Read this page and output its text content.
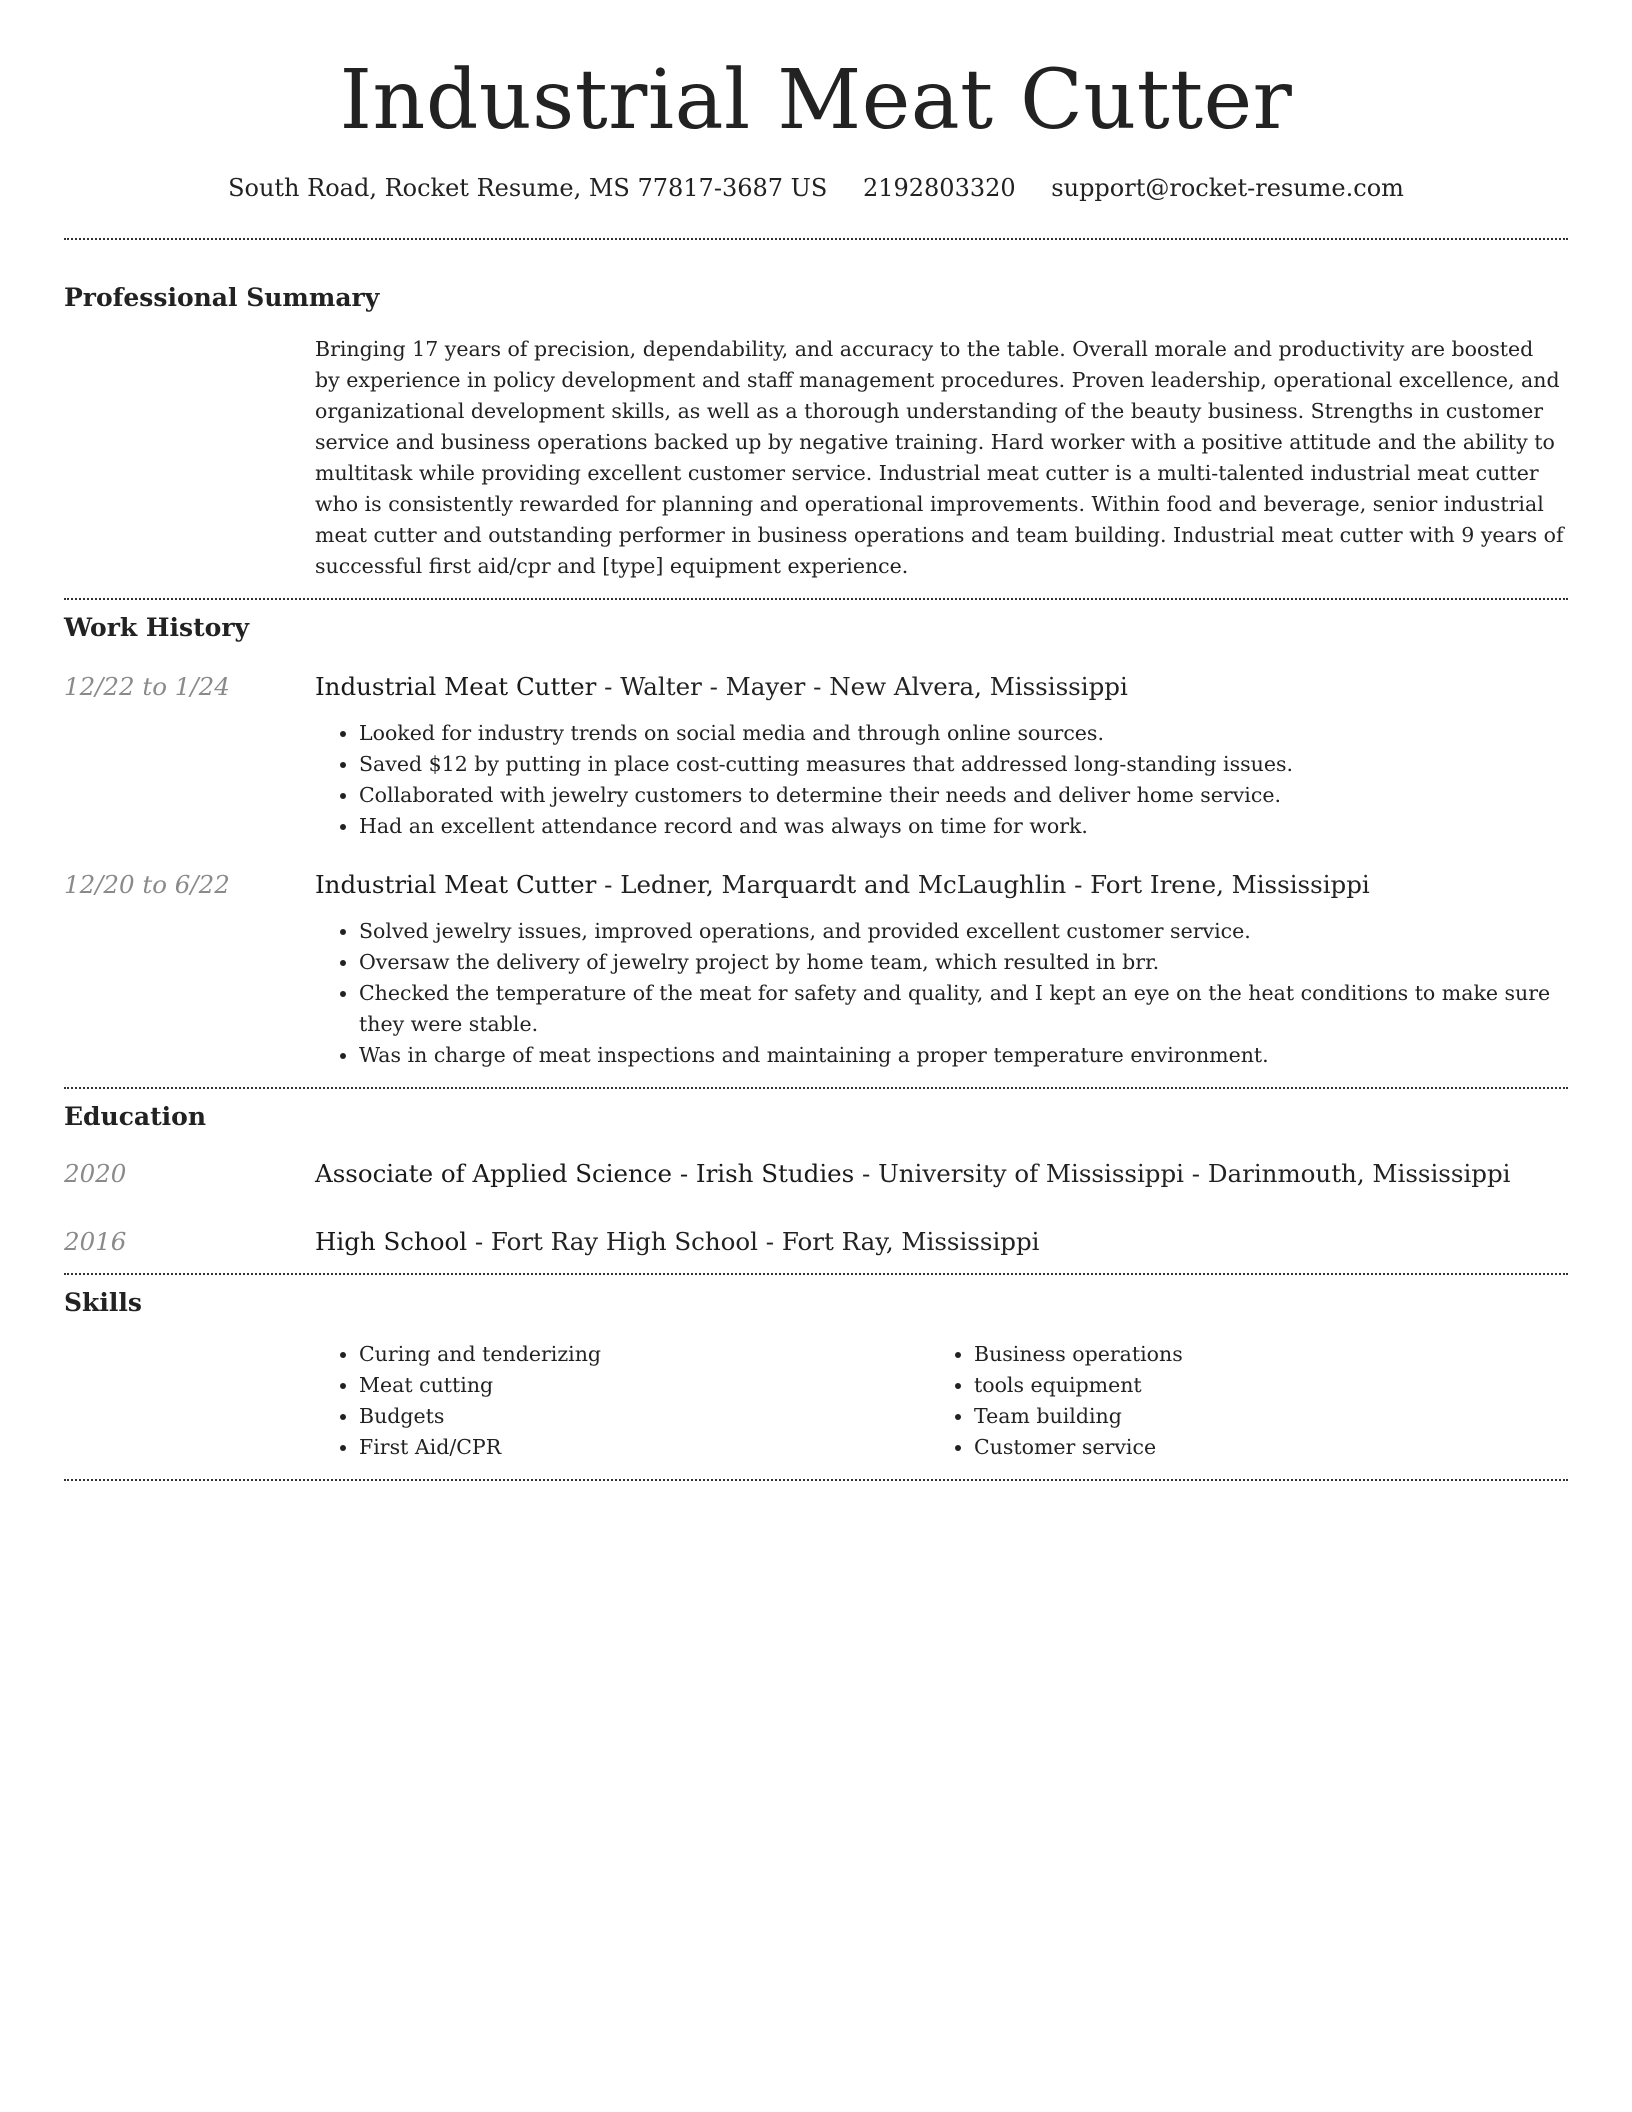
Industrial Meat Cutter
South Road, Rocket Resume, MS 77817-3687 US 2192803320 support@rocket-resume.com
Professional Summary

Bringing 17 years of precision, dependability, and accuracy to the table. Overall morale and productivity are boosted by experience in policy development and staff management procedures. Proven leadership, operational excellence, and organizational development skills, as well as a thorough understanding of the beauty business. Strengths in customer service and business operations backed up by negative training. Hard worker with a positive attitude and the ability to multitask while providing excellent customer service. Industrial meat cutter is a multi-talented industrial meat cutter who is consistently rewarded for planning and operational improvements. Within food and beverage, senior industrial meat cutter and outstanding performer in business operations and team building. Industrial meat cutter with 9 years of successful first aid/cpr and [type] equipment experience.

Work History
12/22 to 1/24	Industrial Meat Cutter - Walter - Mayer - New Alvera, Mississippi
• Looked for industry trends on social media and through online sources.
• Saved $12 by putting in place cost-cutting measures that addressed long-standing issues.
• Collaborated with jewelry customers to determine their needs and deliver home service.
• Had an excellent attendance record and was always on time for work.
12/20 to 6/22	Industrial Meat Cutter - Ledner, Marquardt and McLaughlin - Fort Irene, Mississippi
• Solved jewelry issues, improved operations, and provided excellent customer service.
• Oversaw the delivery of jewelry project by home team, which resulted in brr.
• Checked the temperature of the meat for safety and quality, and I kept an eye on the heat conditions to make sure they were stable.
• Was in charge of meat inspections and maintaining a proper temperature environment.
Education
2020	Associate of Applied Science - Irish Studies - University of Mississippi - Darinmouth, Mississippi
2016	High School - Fort Ray High School - Fort Ray, Mississippi
Skills
• Curing and tenderizing
• Meat cutting
• Budgets
• First Aid/CPR
• Business operations
• tools equipment
• Team building
• Customer service
